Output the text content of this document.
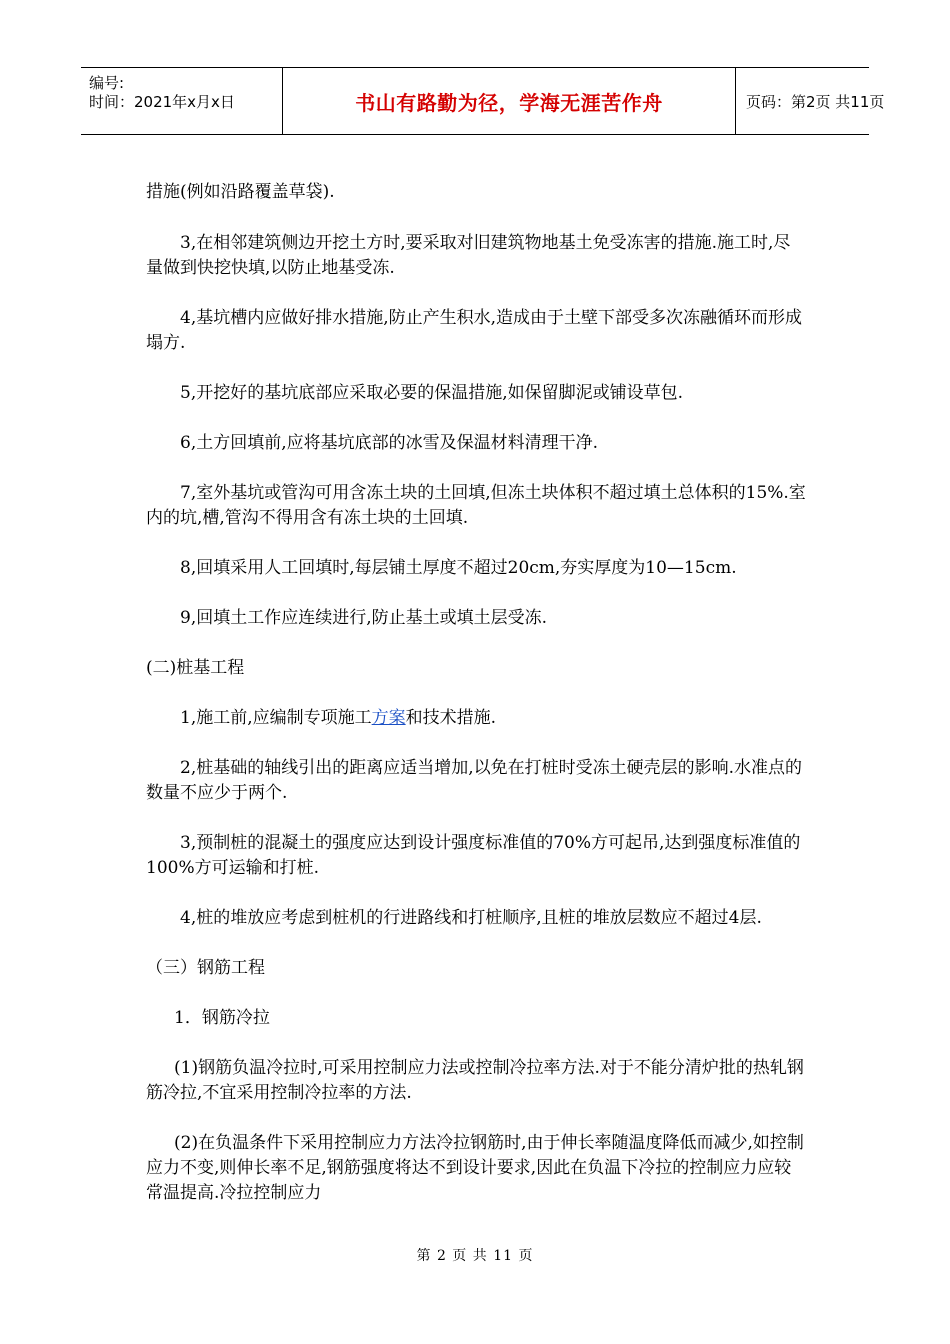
编号:
时间：2021年x月x日	书山有路勤为径，学海无涯苦作舟	页码：第2页 共11页

措施(例如沿路覆盖草袋).

3,在相邻建筑侧边开挖土方时,要采取对旧建筑物地基土免受冻害的措施.施工时,尽量做到快挖快填,以防止地基受冻.

4,基坑槽内应做好排水措施,防止产生积水,造成由于土壁下部受多次冻融循环而形成塌方.

5,开挖好的基坑底部应采取必要的保温措施,如保留脚泥或铺设草包.

6,土方回填前,应将基坑底部的冰雪及保温材料清理干净.

7,室外基坑或管沟可用含冻土块的土回填,但冻土块体积不超过填土总体积的15%.室内的坑,槽,管沟不得用含有冻土块的土回填.

8,回填采用人工回填时,每层铺土厚度不超过20cm,夯实厚度为10—15cm.

9,回填土工作应连续进行,防止基土或填土层受冻.

(二)桩基工程

1,施工前,应编制专项施工方案和技术措施.

2,桩基础的轴线引出的距离应适当增加,以免在打桩时受冻土硬壳层的影响.水准点的数量不应少于两个.

3,预制桩的混凝土的强度应达到设计强度标准值的70%方可起吊,达到强度标准值的100%方可运输和打桩.

4,桩的堆放应考虑到桩机的行进路线和打桩顺序,且桩的堆放层数应不超过4层.

（三）钢筋工程

1．钢筋冷拉

(1)钢筋负温冷拉时,可采用控制应力法或控制冷拉率方法.对于不能分清炉批的热轧钢筋冷拉,不宜采用控制冷拉率的方法.

(2)在负温条件下采用控制应力方法冷拉钢筋时,由于伸长率随温度降低而减少,如控制应力不变,则伸长率不足,钢筋强度将达不到设计要求,因此在负温下冷拉的控制应力应较常温提高.冷拉控制应力

第 2 页 共 11 页
